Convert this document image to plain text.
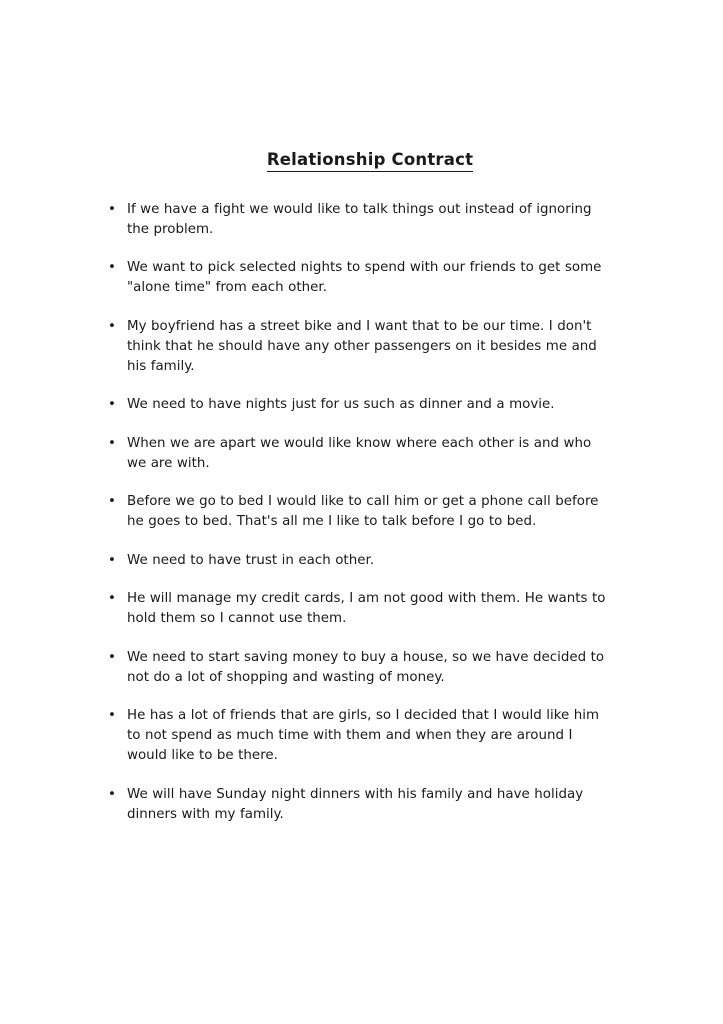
Relationship Contract
• If we have a fight we would like to talk things out instead of ignoring the problem.
• We want to pick selected nights to spend with our friends to get some "alone time" from each other.
• My boyfriend has a street bike and I want that to be our time. I don't think that he should have any other passengers on it besides me and his family.
• We need to have nights just for us such as dinner and a movie.
• When we are apart we would like know where each other is and who we are with.
• Before we go to bed I would like to call him or get a phone call before he goes to bed. That's all me I like to talk before I go to bed.
• We need to have trust in each other.
• He will manage my credit cards, I am not good with them. He wants to hold them so I cannot use them.
• We need to start saving money to buy a house, so we have decided to not do a lot of shopping and wasting of money.
• He has a lot of friends that are girls, so I decided that I would like him to not spend as much time with them and when they are around I would like to be there.
• We will have Sunday night dinners with his family and have holiday dinners with my family.
